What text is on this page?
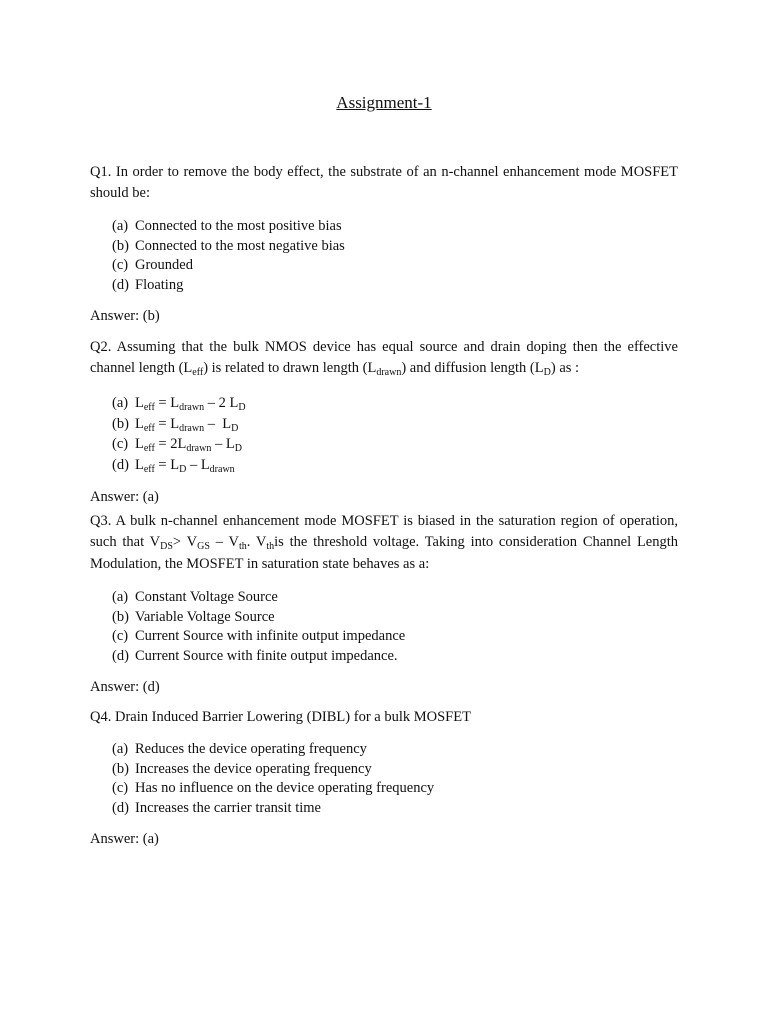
Assignment-1
Q1. In order to remove the body effect, the substrate of an n-channel enhancement mode MOSFET should be:
(a) Connected to the most positive bias
(b) Connected to the most negative bias
(c) Grounded
(d) Floating
Answer: (b)
Q2. Assuming that the bulk NMOS device has equal source and drain doping then the effective channel length $(L_{eff})$ is related to drawn length $(L_{drawn})$ and diffusion length $(L_D)$ as :
(a) $L_{eff} = L_{drawn} - 2$ $L_D$
(b) $L_{eff} = L_{drawn} - L_D$
(c) $L_{eff} = 2L_{drawn} - L_D$
(d) $L_{eff} = L_D - L_{drawn}$
Answer: (a)
Q3. A bulk n-channel enhancement mode MOSFET is biased in the saturation region of operation, such that $V_{DS}> V_{GS} - V_{th}$. $V_{th}is$ the threshold voltage. Taking into consideration Channel Length Modulation, the MOSFET in saturation state behaves as a:
(a) Constant Voltage Source
(b) Variable Voltage Source
(c) Current Source with infinite output impedance
(d) Current Source with finite output impedance.
Answer: (d)
Q4. Drain Induced Barrier Lowering (DIBL) for a bulk MOSFET
(a) Reduces the device operating frequency
(b) Increases the device operating frequency
(c) Has no influence on the device operating frequency
(d) Increases the carrier transit time
Answer: (a)
